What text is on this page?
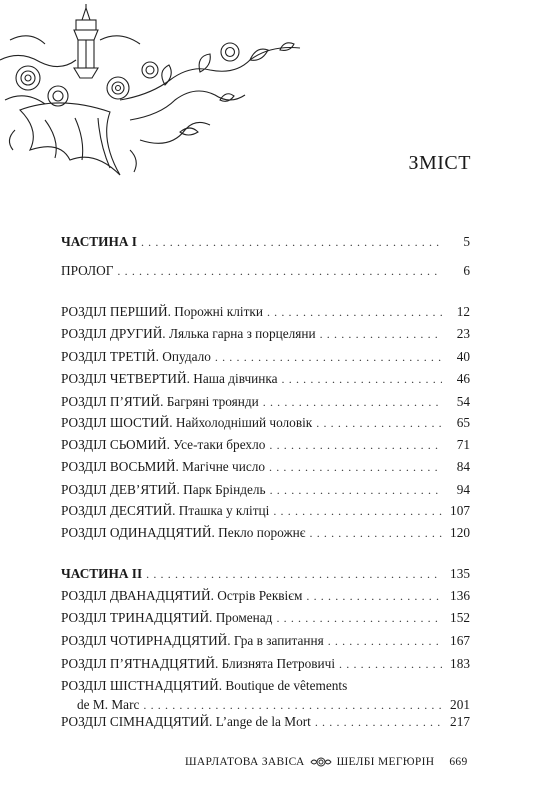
ЗМІСТ
ЧАСТИНА І . . .	5
ПРОЛОГ . . .	6
РОЗДІЛ ПЕРШИЙ. Порожні клітки . . .	12
РОЗДІЛ ДРУГИЙ. Лялька гарна з порцеляни . . .	23
РОЗДІЛ ТРЕТІЙ. Опудало . . .	40
РОЗДІЛ ЧЕТВЕРТИЙ. Наша дівчинка . . .	46
РОЗДІЛ П’ЯТИЙ. Багряні троянди . . .	54
РОЗДІЛ ШОСТИЙ. Найхолодніший чоловік . . .	65
РОЗДІЛ СЬОМИЙ. Усе-таки брехло . . .	71
РОЗДІЛ ВОСЬМИЙ. Магічне число . . .	84
РОЗДІЛ ДЕВ’ЯТИЙ. Парк Бріндель . . .	94
РОЗДІЛ ДЕСЯТИЙ. Пташка у клітці . . .	107
РОЗДІЛ ОДИНАДЦЯТИЙ. Пекло порожнє . . .	120
ЧАСТИНА ІІ . . .	135
РОЗДІЛ ДВАНАДЦЯТИЙ. Острів Реквієм . . .	136
РОЗДІЛ ТРИНАДЦЯТИЙ. Променад . . .	152
РОЗДІЛ ЧОТИРНАДЦЯТИЙ. Гра в запитання . . .	167
РОЗДІЛ П’ЯТНАДЦЯТИЙ. Близнята Петровичі . . .	183
РОЗДІЛ ШІСТНАДЦЯТИЙ. Boutique de vêtements
de M. Marc . . .	201
РОЗДІЛ СІМНАДЦЯТИЙ. L’ange de la Mort . . .	217
ШАРЛАТОВА ЗАВІСА	ШЕЛБІ МЕГЮРІН 669
